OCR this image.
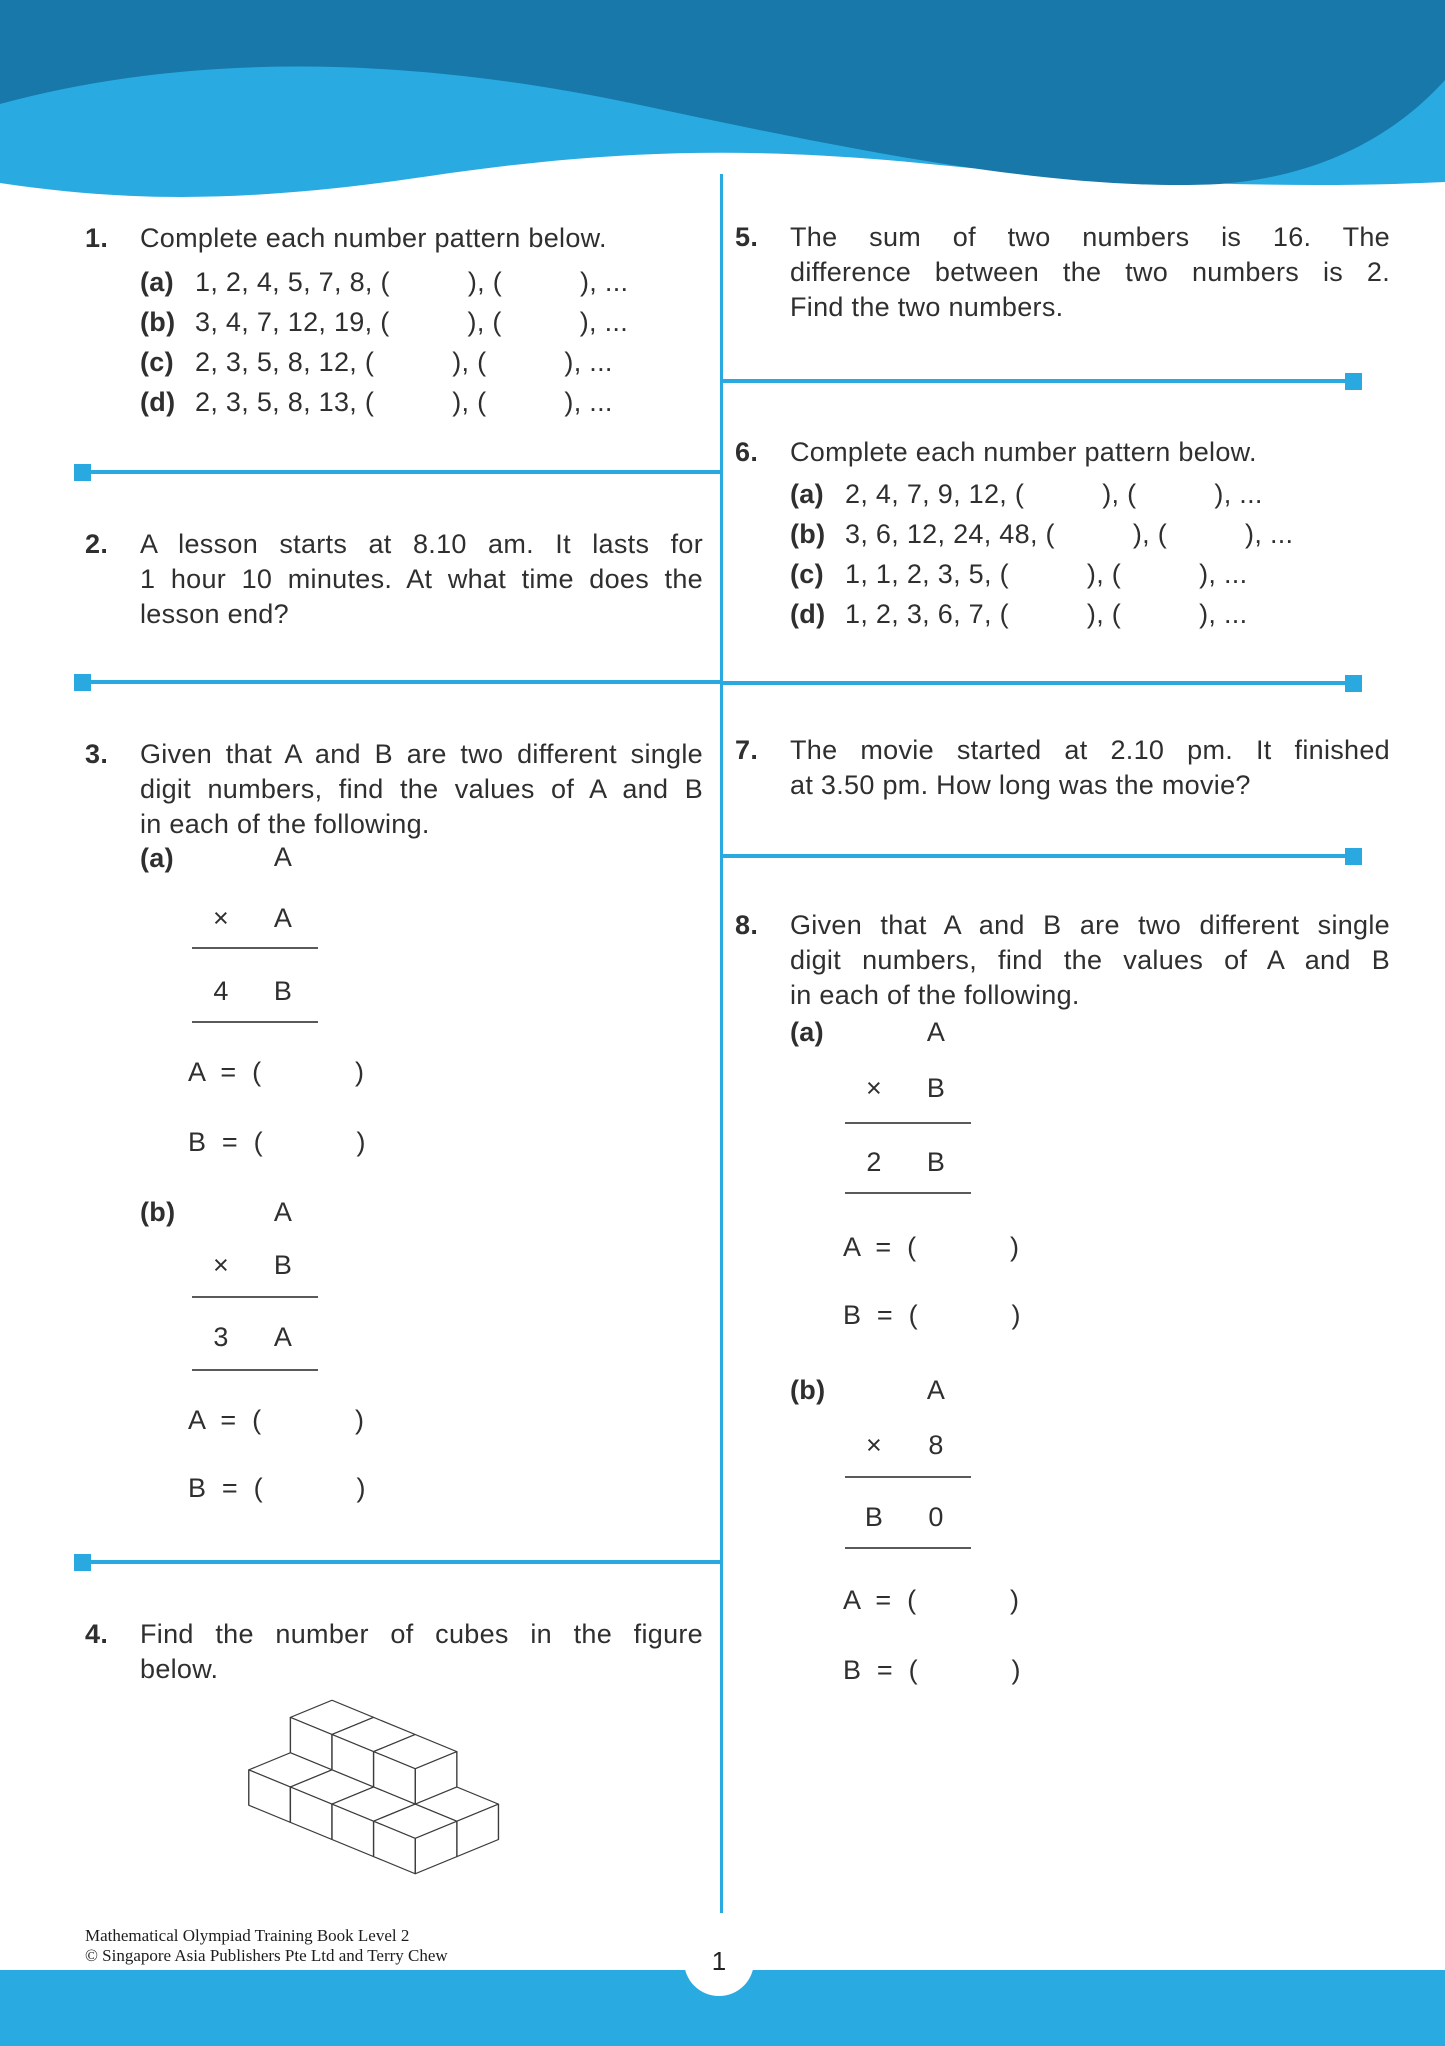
1.	Complete each number pattern below.
(a) 1, 2, 4, 5, 7, 8, (          ), (          ), ...
(b) 3, 4, 7, 12, 19, (          ), (          ), ...
(c) 2, 3, 5, 8, 12, (          ), (          ), ...
(d) 2, 3, 5, 8, 13, (          ), (          ), ...
2.	A lesson starts at 8.10 am. It lasts for
1 hour 10 minutes. At what time does the
lesson end?
3.	Given that A and B are two different single
digit numbers, find the values of A and B
in each of the following.
(a)	A
×	A
4	B
A  =  (            )
B  =  (            )
(b)	A
×	B
3	A
A  =  (            )
B  =  (            )
4.	Find the number of cubes in the figure
below.
5.	The sum of two numbers is 16. The
difference between the two numbers is 2.
Find the two numbers.
6.	Complete each number pattern below.
(a) 2, 4, 7, 9, 12, (          ), (          ), ...
(b) 3, 6, 12, 24, 48, (          ), (          ), ...
(c) 1, 1, 2, 3, 5, (          ), (          ), ...
(d) 1, 2, 3, 6, 7, (          ), (          ), ...
7.	The movie started at 2.10 pm. It finished
at 3.50 pm. How long was the movie?
8.	Given that A and B are two different single
digit numbers, find the values of A and B
in each of the following.
(a)	A
×	B
2	B
A  =  (            )
B  =  (            )
(b)	A
×	8
B	0
A  =  (            )
B  =  (            )
Mathematical Olympiad Training Book Level 2
© Singapore Asia Publishers Pte Ltd and Terry Chew	1
